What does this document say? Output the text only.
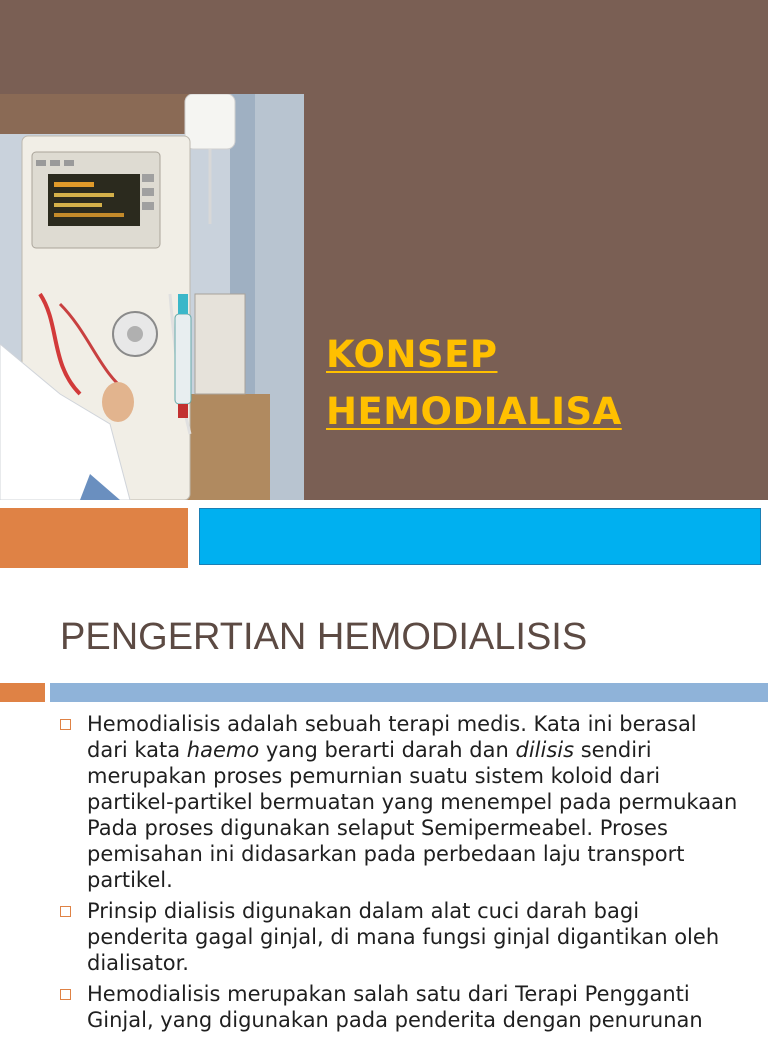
KONSEP
HEMODIALISA
PENGERTIAN HEMODIALISIS
Hemodialisis adalah sebuah terapi medis. Kata ini berasal dari kata haemo yang berarti darah dan dilisis sendiri merupakan proses pemurnian suatu sistem koloid dari partikel-partikel bermuatan yang menempel pada permukaan Pada proses digunakan selaput Semipermeabel. Proses pemisahan ini didasarkan pada perbedaan laju transport partikel.
Prinsip dialisis digunakan dalam alat cuci darah bagi penderita gagal ginjal, di mana fungsi ginjal digantikan oleh dialisator.
Hemodialisis merupakan salah satu dari Terapi Pengganti Ginjal, yang digunakan pada penderita dengan penurunan
